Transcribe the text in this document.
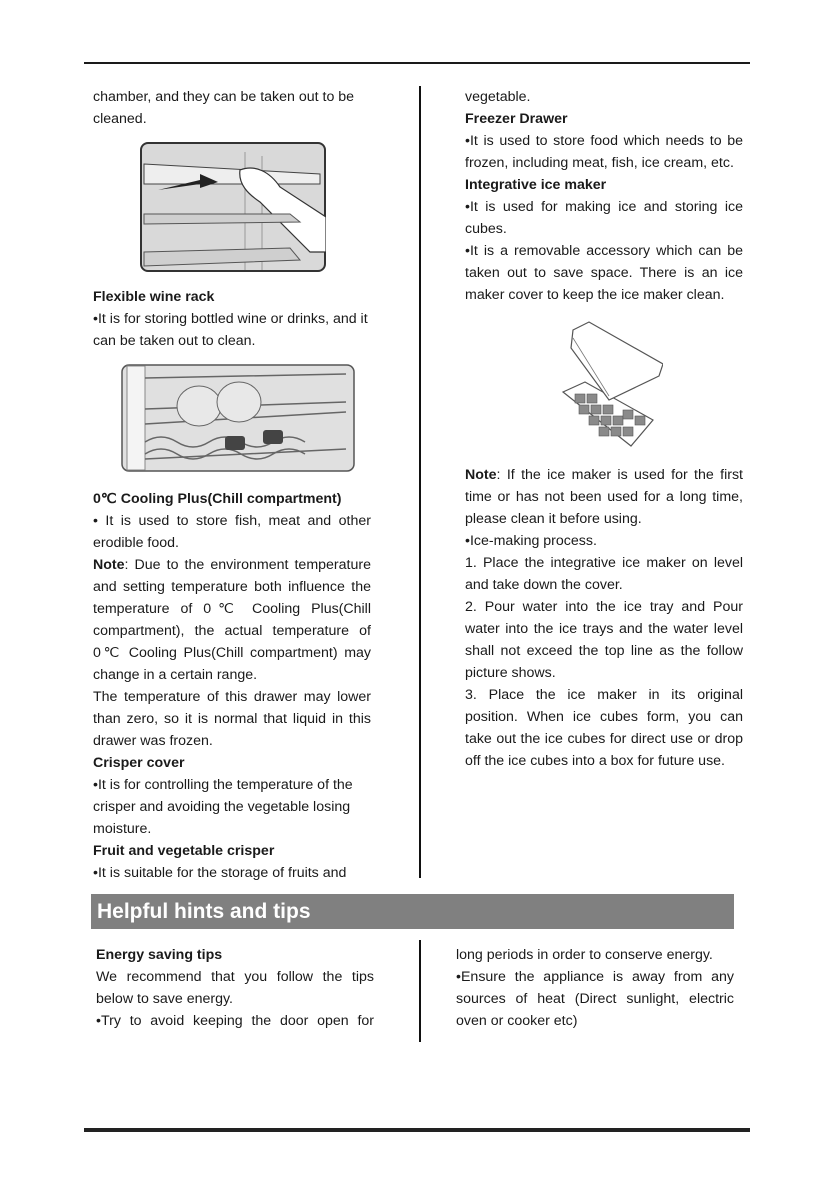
chamber, and they can be taken out to be cleaned.

Flexible wine rack

•It is for storing bottled wine or drinks, and it can be taken out to clean.

0℃ Cooling Plus(Chill compartment)

• It is used to store fish, meat and other erodible food.

Note: Due to the environment temperature and setting temperature both influence the temperature of 0℃ Cooling Plus(Chill compartment), the actual temperature of 0℃ Cooling Plus(Chill compartment) may change in a certain range.

The temperature of this drawer may lower than zero, so it is normal that liquid in this drawer was frozen.

Crisper cover

•It is for controlling the temperature of the crisper and avoiding the vegetable losing moisture.

Fruit and vegetable crisper

•It is suitable for the storage of fruits and

vegetable.

Freezer Drawer

•It is used to store food which needs to be frozen, including meat, fish, ice cream, etc.

Integrative ice maker

•It is used for making ice and storing ice cubes.

•It is a removable accessory which can be taken out to save space. There is an ice maker cover to keep the ice maker clean.

Note: If the ice maker is used for the first time or has not been used for a long time, please clean it before using.

•Ice-making process.

1. Place the integrative ice maker on level and take down the cover.

2. Pour water into the ice tray and Pour water into the ice trays and the water level shall not exceed the top line as the follow picture shows.

3. Place the ice maker in its original position. When ice cubes form, you can take out the ice cubes for direct use or drop off the ice cubes into a box for future use.

Helpful hints and tips

Energy saving tips

We recommend that you follow the tips below to save energy.

•Try to avoid keeping the door open for

long periods in order to conserve energy.

•Ensure the appliance is away from any sources of heat (Direct sunlight, electric oven or cooker etc)
